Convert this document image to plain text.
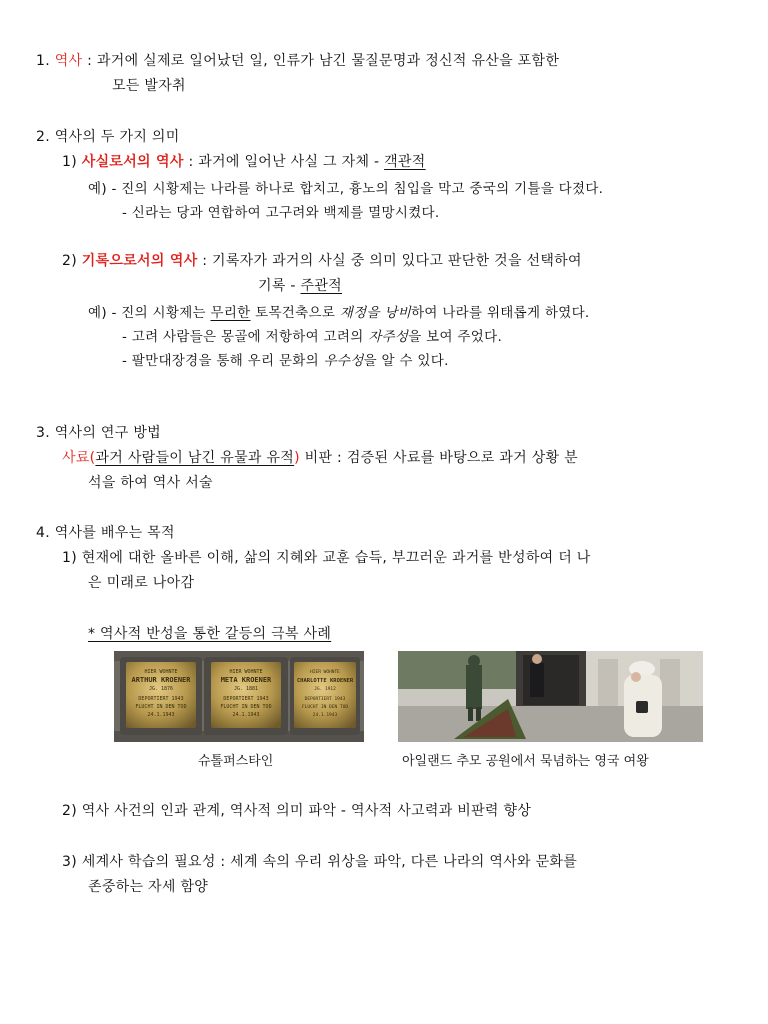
1. 역사 : 과거에 실제로 일어났던 일, 인류가 남긴 물질문명과 정신적 유산을 포함한
모든 발자취
2. 역사의 두 가지 의미
1) 사실로서의 역사 : 과거에 일어난 사실 그 자체 - 객관적
예) - 진의 시황제는 나라를 하나로 합치고, 흉노의 침입을 막고 중국의 기틀을 다졌다.
- 신라는 당과 연합하여 고구려와 백제를 멸망시켰다.
2) 기록으로서의 역사 : 기록자가 과거의 사실 중 의미 있다고 판단한 것을 선택하여
기록 - 주관적
예) - 진의 시황제는 무리한 토목건축으로 재정을 낭비하여 나라를 위태롭게 하였다.
- 고려 사람들은 몽골에 저항하여 고려의 자주성을 보여 주었다.
- 팔만대장경을 통해 우리 문화의 우수성을 알 수 있다.
3. 역사의 연구 방법
사료(과거 사람들이 남긴 유물과 유적) 비판 : 검증된 사료를 바탕으로 과거 상황 분
석을 하여 역사 서술
4. 역사를 배우는 목적
1) 현재에 대한 올바른 이해, 삶의 지혜와 교훈 습득, 부끄러운 과거를 반성하여 더 나
은 미래로 나아감
* 역사적 반성을 통한 갈등의 극복 사례
HIER WOHNTE
ARTHUR KROENER
JG. 1876
DEPORTIERT 1943
FLUCHT IN DEN TOD
24.1.1943
HIER WOHNTE
META KROENER
JG. 1881
DEPORTIERT 1943
FLUCHT IN DEN TOD
24.1.1943
HIER WOHNTE
CHARLOTTE KROENER
JG. 1912
DEPORTIERT 1943
FLUCHT IN DEN TOD
24.1.1943
슈톨퍼스타인	아일랜드 추모 공원에서 묵념하는 영국 여왕
2) 역사 사건의 인과 관계, 역사적 의미 파악 - 역사적 사고력과 비판력 향상
3) 세계사 학습의 필요성 : 세계 속의 우리 위상을 파악, 다른 나라의 역사와 문화를
존중하는 자세 함양
